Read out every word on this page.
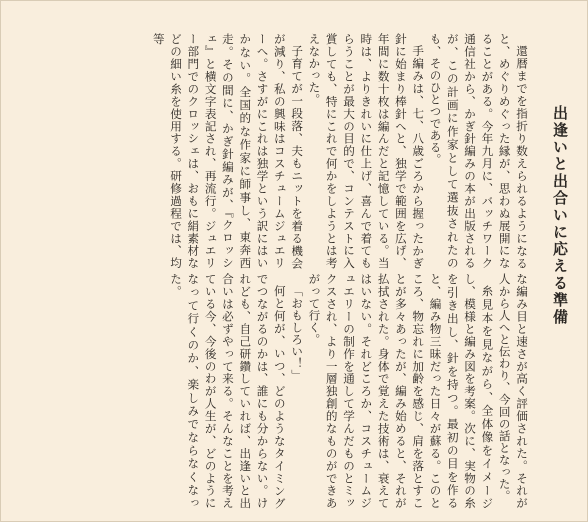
出逢いと出合いに応える準備

還暦までを指折り数えられるようになると、めぐりめぐった縁が、思わぬ展開になることがある。今年九月に、バッチワーク通信社から、かぎ針編みの本が出版されるが、この計画に作家として選抜されたのも、そのひとつである。

手編みは、七、八歳ごろから握ったかぎ針に始まり棒針へと、独学で範囲を広げ、年間に数十枚は編んだと記憶している。当時は、よりきれいに仕上げ、喜んで着てもらうことが最大の目的で、コンテストに入賞しても、特にこれで何かをしようとは考えなかった。

子育てが一段落、夫もニットを着る機会が減り、私の興味はコスチュームジュエリーへ。さすがにこれは独学という訳にはいかない。全国的な作家に師事し、東奔西走。その間に、かぎ針編みが、『クロッシェ』と横文字表記され、再流行。ジュエリー部門でのクロッシェは、おもに絹素材などの細い糸を使用する。研修過程では、均等

な編み目と速さが高く評価された。それが人から人へと伝わり、今回の話となった。

糸見本を見ながら、全体像をイメージし、模様と編み図を考案。次に、実物の糸を引き出し、針を持つ。最初の目を作ると、編み物三昧だった日々が蘇る。このところ、物忘れに加齢を感じ、肩を落とすことが多々あったが、編み始めると、それが払拭された。身体で覚えた技術は、衰えてはいない。それどころか、コスチュームジュエリーの制作を通して学んだものとミックスされ、より一層独創的なものができあがって行く。

「おもしろい！」

何と何が、いつ、どのようなタイミングでつながるのかは、誰にも分からない。けれども、自己研鑽していれば、出逢いと出合いは必ずやって来る。そんなことを考えている今、今後のわが人生が、どのようになって行くのか、楽しみでならなくなった。
